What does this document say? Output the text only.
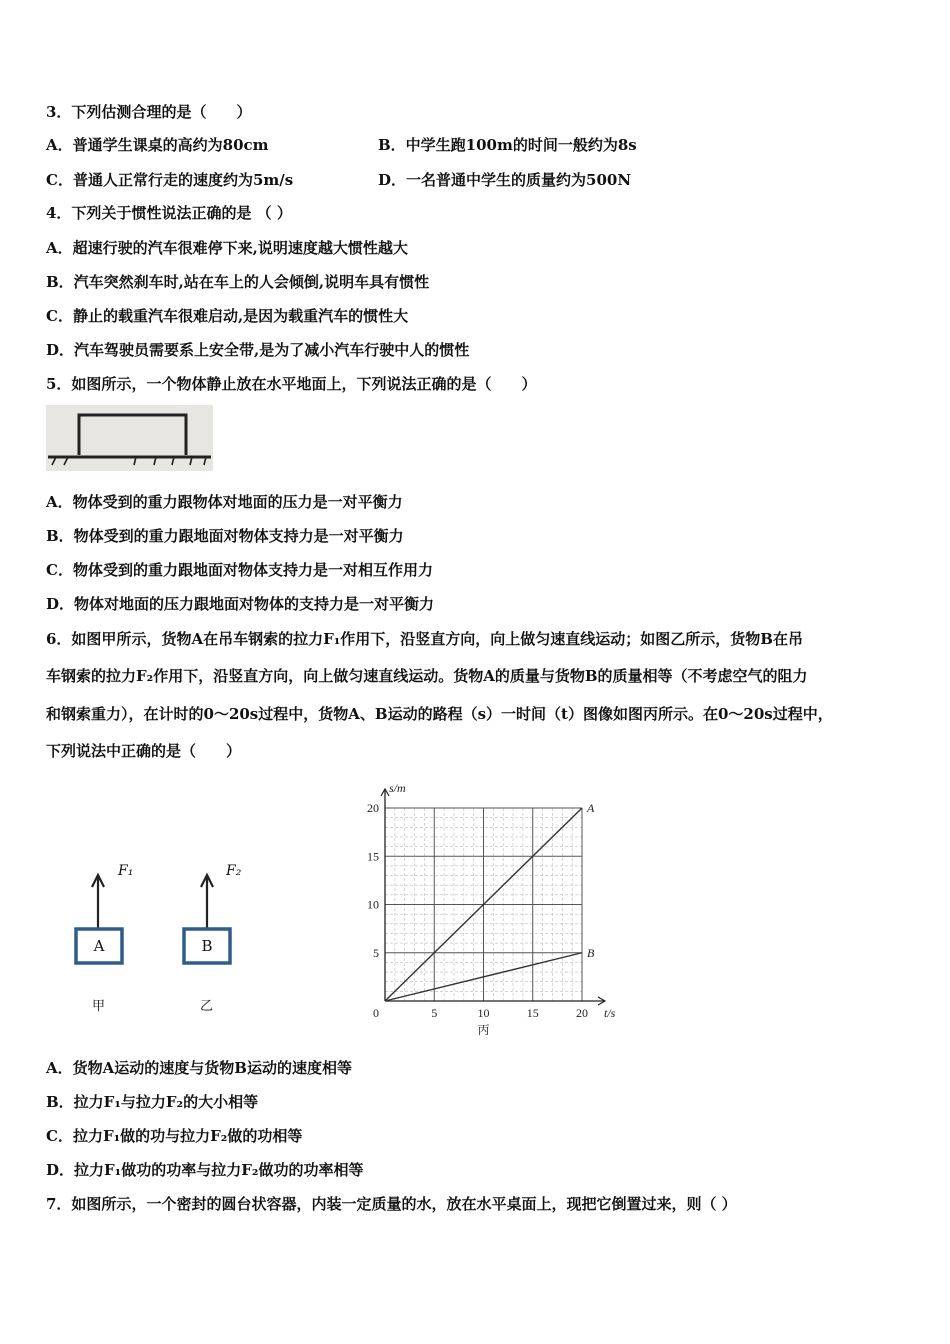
3．下列估测合理的是（　　）
A．普通学生课桌的高约为80cm	B．中学生跑100m的时间一般约为8s
C．普通人正常行走的速度约为5m/s	D．一名普通中学生的质量约为500N
4．下列关于惯性说法正确的是 （ ）
A．超速行驶的汽车很难停下来,说明速度越大惯性越大
B．汽车突然刹车时,站在车上的人会倾倒,说明车具有惯性
C．静止的载重汽车很难启动,是因为载重汽车的惯性大
D．汽车驾驶员需要系上安全带,是为了减小汽车行驶中人的惯性
5．如图所示，一个物体静止放在水平地面上，下列说法正确的是（　　）
A．物体受到的重力跟物体对地面的压力是一对平衡力
B．物体受到的重力跟地面对物体支持力是一对平衡力
C．物体受到的重力跟地面对物体支持力是一对相互作用力
D．物体对地面的压力跟地面对物体的支持力是一对平衡力
6．如图甲所示，货物A在吊车钢索的拉力F₁作用下，沿竖直方向，向上做匀速直线运动；如图乙所示，货物B在吊
车钢索的拉力F₂作用下，沿竖直方向，向上做匀速直线运动。货物A的质量与货物B的质量相等（不考虑空气的阻力
和钢索重力），在计时的0～20s过程中，货物A、B运动的路程（s）一时间（t）图像如图丙所示。在0～20s过程中，
下列说法中正确的是（　　）
A	B
F₁	F₂
甲	乙
A
B
0	5	10	15	20
5
10
15
20
t/s
s/m
丙
A．货物A运动的速度与货物B运动的速度相等
B．拉力F₁与拉力F₂的大小相等
C．拉力F₁做的功与拉力F₂做的功相等
D．拉力F₁做功的功率与拉力F₂做功的功率相等
7．如图所示，一个密封的圆台状容器，内装一定质量的水，放在水平桌面上，现把它倒置过来，则（ ）
